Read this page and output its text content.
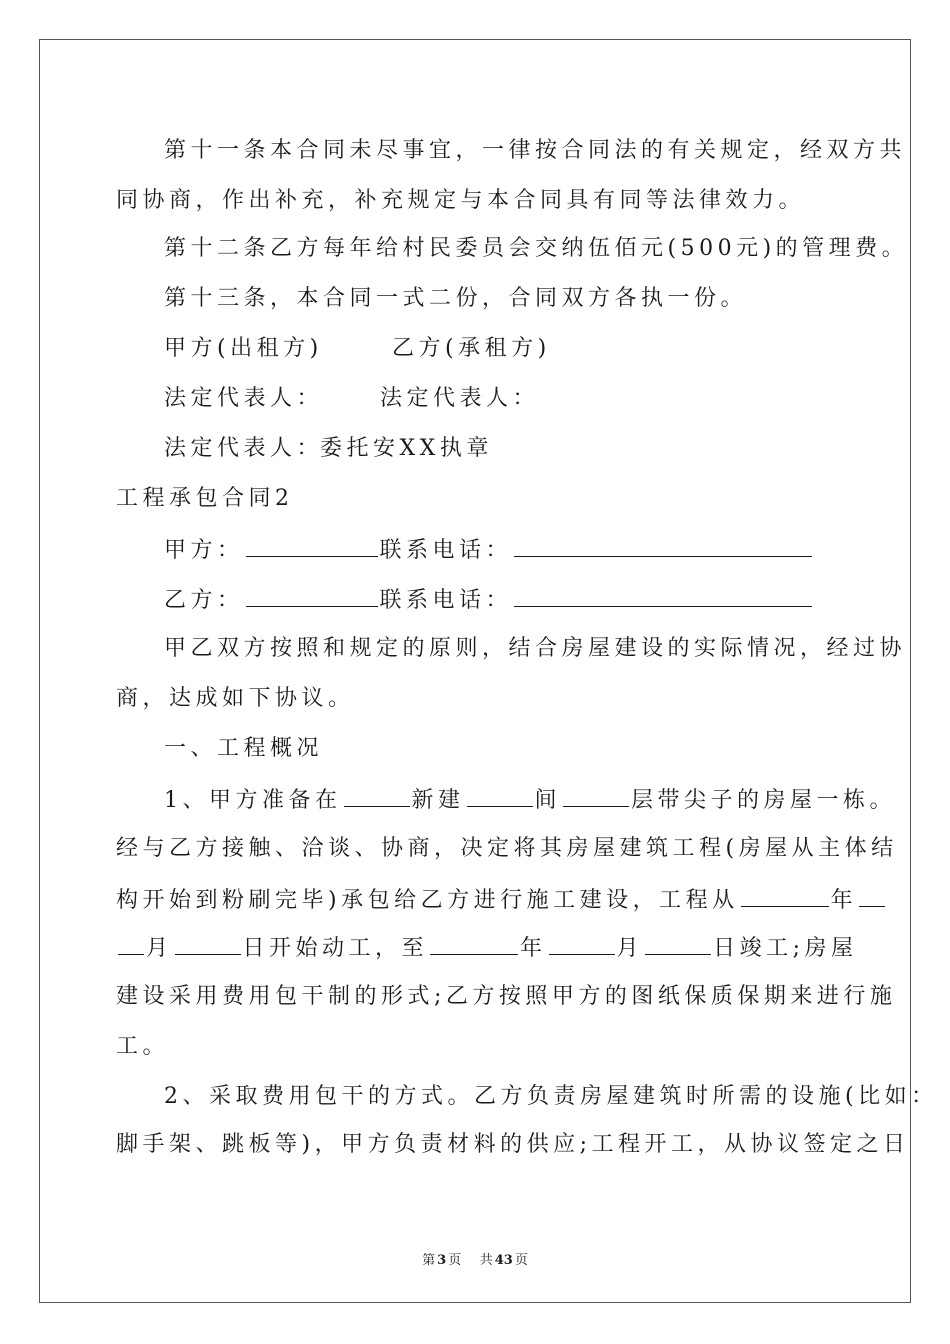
第十一条本合同未尽事宜，一律按合同法的有关规定，经双方共
同协商，作出补充，补充规定与本合同具有同等法律效力。
第十二条乙方每年给村民委员会交纳伍佰元(500元)的管理费。
第十三条，本合同一式二份，合同双方各执一份。
甲方(出租方)	乙方(承租方)
法定代表人：	法定代表人：
法定代表人：
委托安XX执章
工程承包合同2
甲方：	联系电话：
乙方：	联系电话：
甲乙双方按照和规定的原则，结合房屋建设的实际情况，经过协
商，达成如下协议。
一、工程概况
1、甲方准备在	新建	间	层带尖子的房屋一栋。
经与乙方接触、洽谈、协商，决定将其房屋建筑工程(房屋从主体结
构开始到粉刷完毕)承包给乙方进行施工建设，工程从	年
月	日开始动工，至	年	月	日竣工;房屋
建设采用费用包干制的形式;乙方按照甲方的图纸保质保期来进行施
工。
2、采取费用包干的方式。乙方负责房屋建筑时所需的设施(比如：
脚手架、跳板等)，甲方负责材料的供应;工程开工，从协议签定之日
第 3 页 共 43 页
